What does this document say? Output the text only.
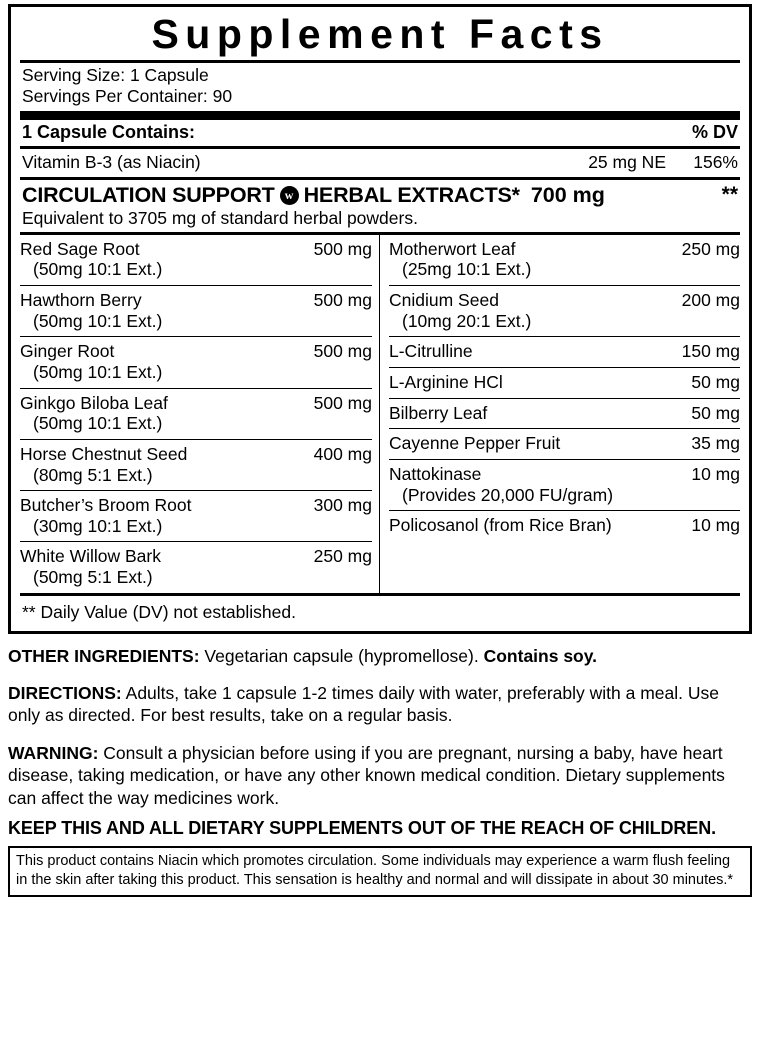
Supplement Facts
Serving Size: 1 Capsule
Servings Per Container: 90
1 Capsule Contains:	% DV
Vitamin B-3 (as Niacin)	25 mg NE	156%
CIRCULATION SUPPORT w HERBAL EXTRACTS* 700 mg	**
Equivalent to 3705 mg of standard herbal powders.
Red Sage Root	500 mg
(50mg 10:1 Ext.)
Hawthorn Berry	500 mg
(50mg 10:1 Ext.)
Ginger Root	500 mg
(50mg 10:1 Ext.)
Ginkgo Biloba Leaf	500 mg
(50mg 10:1 Ext.)
Horse Chestnut Seed	400 mg
(80mg 5:1 Ext.)
Butcher’s Broom Root	300 mg
(30mg 10:1 Ext.)
White Willow Bark	250 mg
(50mg 5:1 Ext.)
Motherwort Leaf	250 mg
(25mg 10:1 Ext.)
Cnidium Seed	200 mg
(10mg 20:1 Ext.)
L-Citrulline	150 mg
L-Arginine HCl	50 mg
Bilberry Leaf	50 mg
Cayenne Pepper Fruit	35 mg
Nattokinase	10 mg
(Provides 20,000 FU/gram)
Policosanol (from Rice Bran)	10 mg
** Daily Value (DV) not established.

OTHER INGREDIENTS: Vegetarian capsule (hypromellose). Contains soy.

DIRECTIONS: Adults, take 1 capsule 1-2 times daily with water, preferably with a meal. Use only as directed. For best results, take on a regular basis.

WARNING: Consult a physician before using if you are pregnant, nursing a baby, have heart disease, taking medication, or have any other known medical condition. Dietary supplements can affect the way medicines work.

KEEP THIS AND ALL DIETARY SUPPLEMENTS OUT OF THE REACH OF CHILDREN.
This product contains Niacin which promotes circulation. Some individuals may experience a warm flush feeling in the skin after taking this product. This sensation is healthy and normal and will dissipate in about 30 minutes.*
